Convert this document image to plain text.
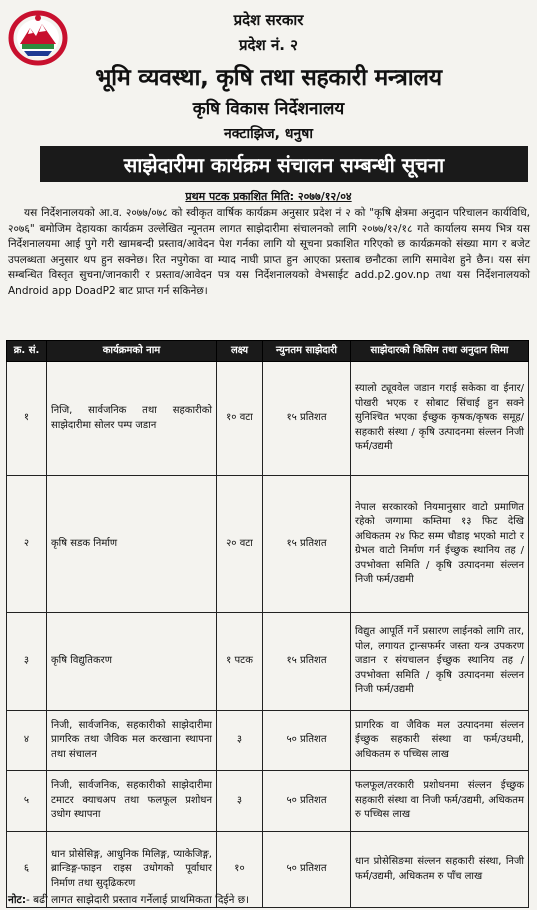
प्रदेश सरकार
प्रदेश नं. २
भूमि व्यवस्था, कृषि तथा सहकारी मन्त्रालय
कृषि विकास निर्देशनालय
नक्टाझिज, धनुषा
साझेदारीमा कार्यक्रम संचालन सम्बन्धी सूचना
प्रथम पटक प्रकाशित मिति: २०७७/१२/०४

यस निर्देशनालयको आ.व. २०७७/०७८ को स्वीकृत वार्षिक कार्यक्रम अनुसार प्रदेश नं २ को "कृषि क्षेत्रमा अनुदान परिचालन कार्यविधि, २०७६" बमोजिम देहायका कार्यक्रम उल्लेखित न्यूनतम लागत साझेदारीमा संचालनको लागि २०७७/१२/१८ गते कार्यालय समय भित्र यस निर्देशनालयमा आई पुगे गरी खामबन्दी प्रस्ताव/आवेदन पेश गर्नका लागि यो सूचना प्रकाशित गरिएको छ कार्यक्रमको संख्या माग र बजेट उपलब्धता अनुसार थप हुन सक्नेछ। रित नपुगेका वा म्याद नाघी प्राप्त हुन आएका प्रस्ताब छनौटका लागि समावेश हुने छैन। यस संग सम्बन्धित विस्तृत सुचना/जानकारी र प्रस्ताव/आवेदन पत्र यस निर्देशनालयको वेभसाईट add.p2.gov.np तथा यस निर्देशनालयको Android app DoadP2 बाट प्राप्त गर्न सकिनेछ।

क्र. सं.	कार्यक्रमको नाम	लक्ष्य	न्युनतम साझेदारी	साझेदारको किसिम तथा अनुदान सिमा
१	निजि, सार्वजनिक तथा सहकारीको साझेदारीमा सोलर पम्प जडान	१० वटा	१५ प्रतिशत	स्यालो ट्यूववेल जडान गराई सकेका वा ईनार/पोखरी भएक र सोबाट सिंचाई हुन सक्ने सुनिश्चित भएका ईच्छुक कृषक/कृषक समूह/ सहकारी संस्था / कृषि उत्पादनमा संल्लन निजी फर्म/उद्यमी
२	कृषि सडक निर्माण	२० वटा	१५ प्रतिशत	नेपाल सरकारको नियमानुसार वाटो प्रमाणित रहेको जग्गामा कम्तिमा १३ फिट देखि अधिकतम २४ फिट सम्म चौडाइ भएको माटो र ग्रेभल वाटो निर्माण गर्न ईच्छुक स्थानिय तह / उपभोक्ता समिति / कृषि उत्पादनमा संल्लन निजी फर्म/उद्यमी
३	कृषि विद्युतिकरण	१ पटक	१५ प्रतिशत	विद्युत आपूर्ति गर्ने प्रसारण लाईनको लागि तार, पोल, लगायत ट्रान्सफर्मर जस्ता यन्त्र उपकरण जडान र संयचालन ईच्छुक स्थानिय तह / उपभोक्ता समिति / कृषि उत्पादनमा संल्लन निजी फर्म/उद्यमी
४	निजी, सार्वजनिक, सहकारीको साझेदारीमा प्रागरिक तथा जैविक मल करखाना स्थापना तथा संचालन	३	५० प्रतिशत	प्रागरिक वा जैविक मल उत्पादनमा संल्लन ईच्छुक सहकारी संस्था वा फर्म/उधमी, अधिकतम रु पच्चिस लाख
५	निजी, सार्वजनिक, सहकारीको साझेदारीमा टमाटर क्याचअप तथा फलफूल प्रशोधन उधोग स्थापना	३	५० प्रतिशत	फलफूल/तरकारी प्रशोधनमा संल्लन ईच्छुक सहकारी संस्था वा निजी फर्म/उद्यमी, अधिकतम रु पच्चिस लाख
६	धान प्रोसेसिङ्ग, आधुनिक मिलिङ्ग, प्याकेजिङ्ग, ब्रान्डिङ्ग-फाइन राइस उधोगको पूर्वाधार निर्माण तथा सुदृढिकरण	१०	५० प्रतिशत	धान प्रोसेसिङमा संल्लन सहकारी संस्था, निजी फर्म/उद्यमी, अधिकतम रु पाँच लाख
नोट:- बढी लागत साझेदारी प्रस्ताव गर्नेलाई प्राथमिकता दिईने छ।
